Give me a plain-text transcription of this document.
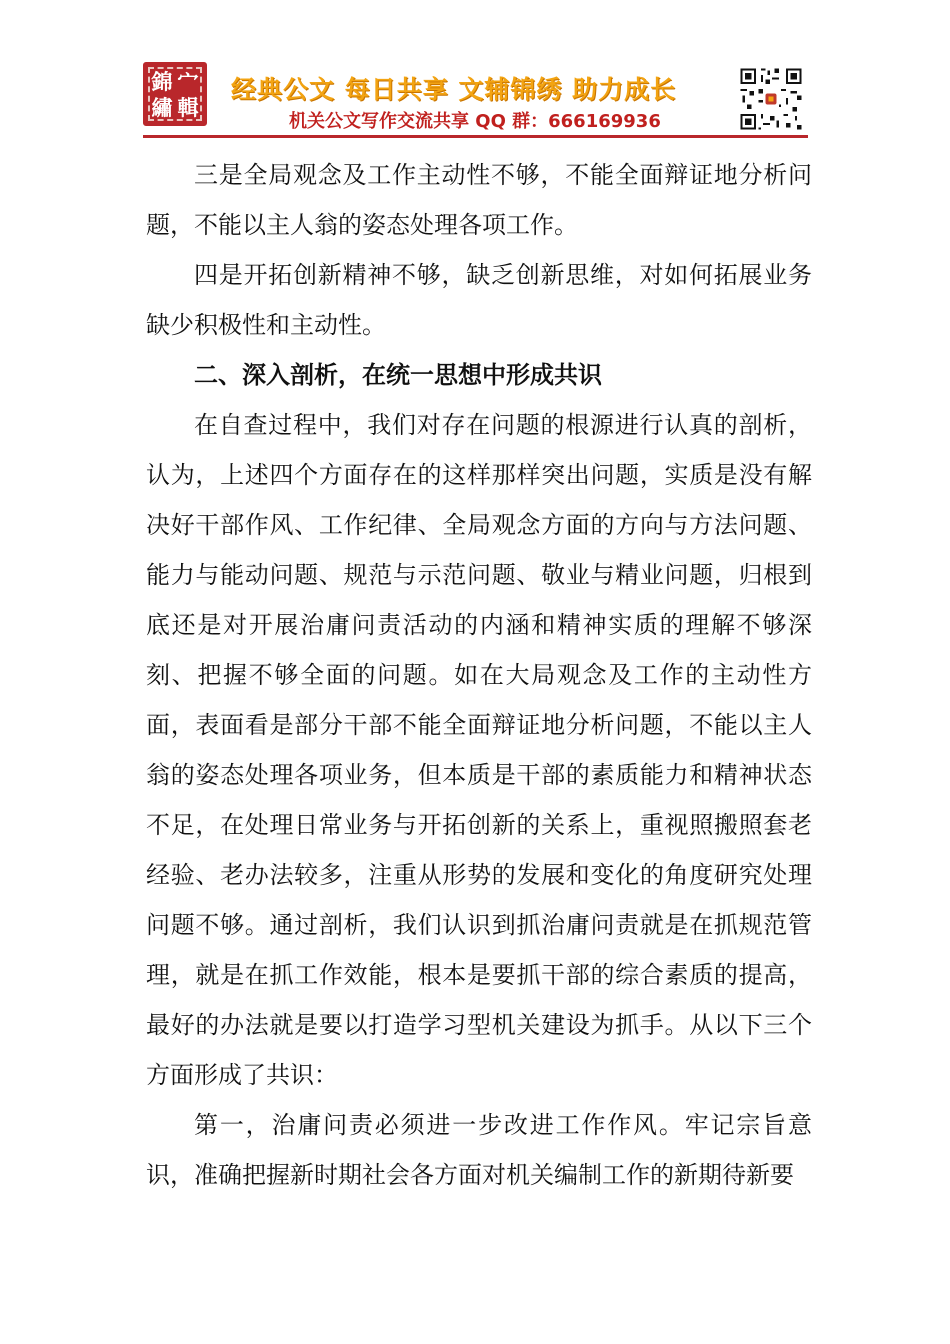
錦 宀
繡 輯
经典公文 每日共享 文辅锦绣 助力成长
机关公文写作交流共享 QQ 群：666169936

三是全局观念及工作主动性不够，不能全面辩证地分析问题，不能以主人翁的姿态处理各项工作。

四是开拓创新精神不够，缺乏创新思维，对如何拓展业务缺少积极性和主动性。

二、深入剖析，在统一思想中形成共识

在自查过程中，我们对存在问题的根源进行认真的剖析，认为，上述四个方面存在的这样那样突出问题，实质是没有解决好干部作风、工作纪律、全局观念方面的方向与方法问题、能力与能动问题、规范与示范问题、敬业与精业问题，归根到底还是对开展治庸问责活动的内涵和精神实质的理解不够深刻、把握不够全面的问题。如在大局观念及工作的主动性方面，表面看是部分干部不能全面辩证地分析问题，不能以主人翁的姿态处理各项业务，但本质是干部的素质能力和精神状态不足，在处理日常业务与开拓创新的关系上，重视照搬照套老经验、老办法较多，注重从形势的发展和变化的角度研究处理问题不够。通过剖析，我们认识到抓治庸问责就是在抓规范管理，就是在抓工作效能，根本是要抓干部的综合素质的提高，最好的办法就是要以打造学习型机关建设为抓手。从以下三个方面形成了共识：

第一，治庸问责必须进一步改进工作作风。牢记宗旨意识，准确把握新时期社会各方面对机关编制工作的新期待新要
